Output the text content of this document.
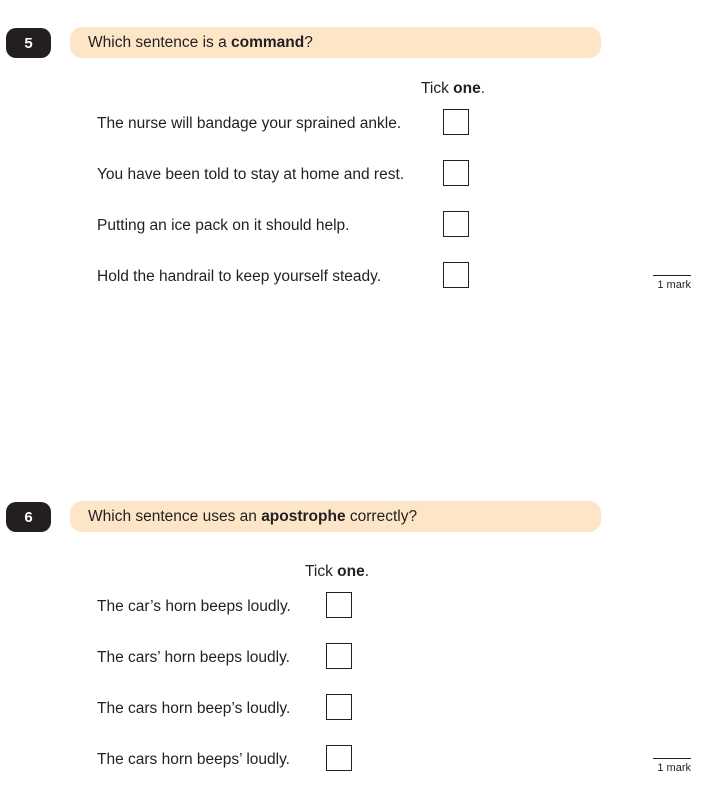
5	Which sentence is a command ?
Tick one.
The nurse will bandage your sprained ankle.
You have been told to stay at home and rest.
Putting an ice pack on it should help.
Hold the handrail to keep yourself steady.	1 mark
6	Which sentence uses an apostrophe correctly?
Tick one.
The car’s horn beeps loudly.
The cars’ horn beeps loudly.
The cars horn beep’s loudly.
The cars horn beeps’ loudly.	1 mark
